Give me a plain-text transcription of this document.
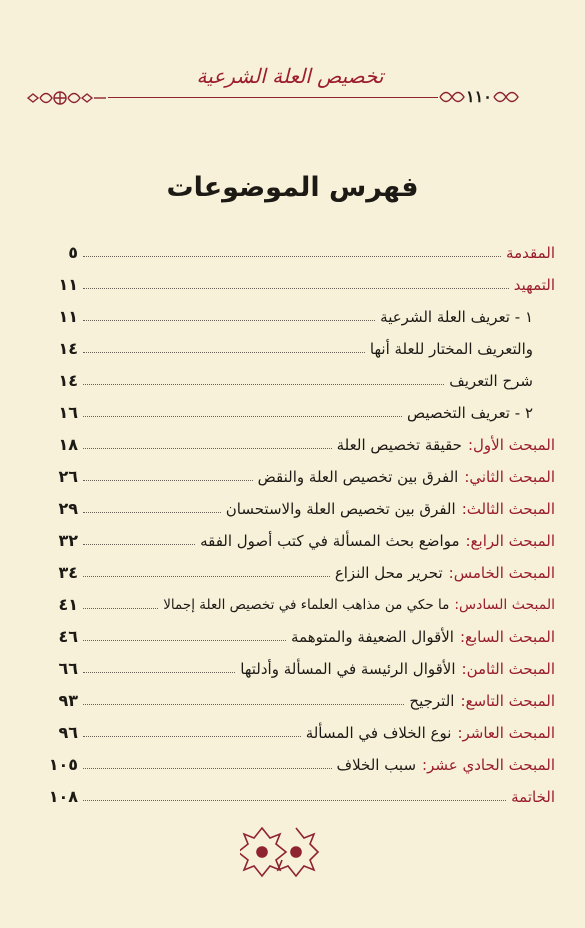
تخصيص العلة الشرعية
١١٠
فهرس الموضوعات
المقدمة
٥
التمهيد
١١
١ - تعريف العلة الشرعية
١١
والتعريف المختار للعلة أنها
١٤
شرح التعريف
١٤
٢ - تعريف التخصيص
١٦
المبحث الأول:
حقيقة تخصيص العلة
١٨
المبحث الثاني:
الفرق بين تخصيص العلة والنقض
٢٦
المبحث الثالث:
الفرق بين تخصيص العلة والاستحسان
٢٩
المبحث الرابع:
مواضع بحث المسألة في كتب أصول الفقه
٣٢
المبحث الخامس:
تحرير محل النزاع
٣٤
المبحث السادس:
ما حكي من مذاهب العلماء في تخصيص العلة إجمالا
٤١
المبحث السابع:
الأقوال الضعيفة والمتوهمة
٤٦
المبحث الثامن:
الأقوال الرئيسة في المسألة وأدلتها
٦٦
المبحث التاسع:
الترجيح
٩٣
المبحث العاشر:
نوع الخلاف في المسألة
٩٦
المبحث الحادي عشر:
سبب الخلاف
١٠٥
الخاتمة
١٠٨
